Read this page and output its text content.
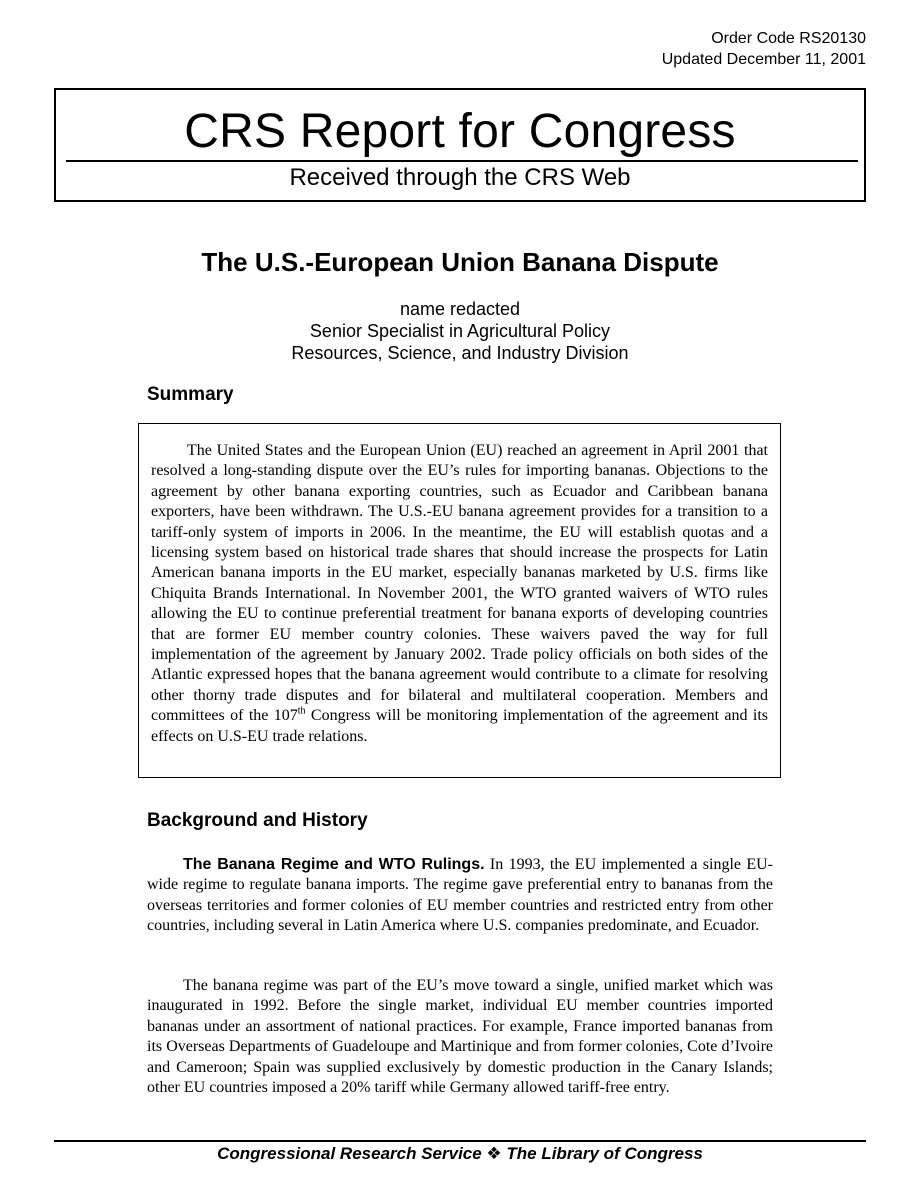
Order Code RS20130
Updated December 11, 2001
CRS Report for Congress
Received through the CRS Web
The U.S.-European Union Banana Dispute
name redacted
Senior Specialist in Agricultural Policy
Resources, Science, and Industry Division
Summary

The United States and the European Union (EU) reached an agreement in April 2001 that resolved a long-standing dispute over the EU’s rules for importing bananas. Objections to the agreement by other banana exporting countries, such as Ecuador and Caribbean banana exporters, have been withdrawn. The U.S.-EU banana agreement provides for a transition to a tariff-only system of imports in 2006. In the meantime, the EU will establish quotas and a licensing system based on historical trade shares that should increase the prospects for Latin American banana imports in the EU market, especially bananas marketed by U.S. firms like Chiquita Brands International. In November 2001, the WTO granted waivers of WTO rules allowing the EU to continue preferential treatment for banana exports of developing countries that are former EU member country colonies. These waivers paved the way for full implementation of the agreement by January 2002. Trade policy officials on both sides of the Atlantic expressed hopes that the banana agreement would contribute to a climate for resolving other thorny trade disputes and for bilateral and multilateral cooperation. Members and committees of the 107th Congress will be monitoring implementation of the agreement and its effects on U.S-EU trade relations.

Background and History

The Banana Regime and WTO Rulings. In 1993, the EU implemented a single EU-wide regime to regulate banana imports. The regime gave preferential entry to bananas from the overseas territories and former colonies of EU member countries and restricted entry from other countries, including several in Latin America where U.S. companies predominate, and Ecuador.

The banana regime was part of the EU’s move toward a single, unified market which was inaugurated in 1992. Before the single market, individual EU member countries imported bananas under an assortment of national practices. For example, France imported bananas from its Overseas Departments of Guadeloupe and Martinique and from former colonies, Cote d’Ivoire and Cameroon; Spain was supplied exclusively by domestic production in the Canary Islands; other EU countries imposed a 20% tariff while Germany allowed tariff-free entry.

Congressional Research Service ❖ The Library of Congress
